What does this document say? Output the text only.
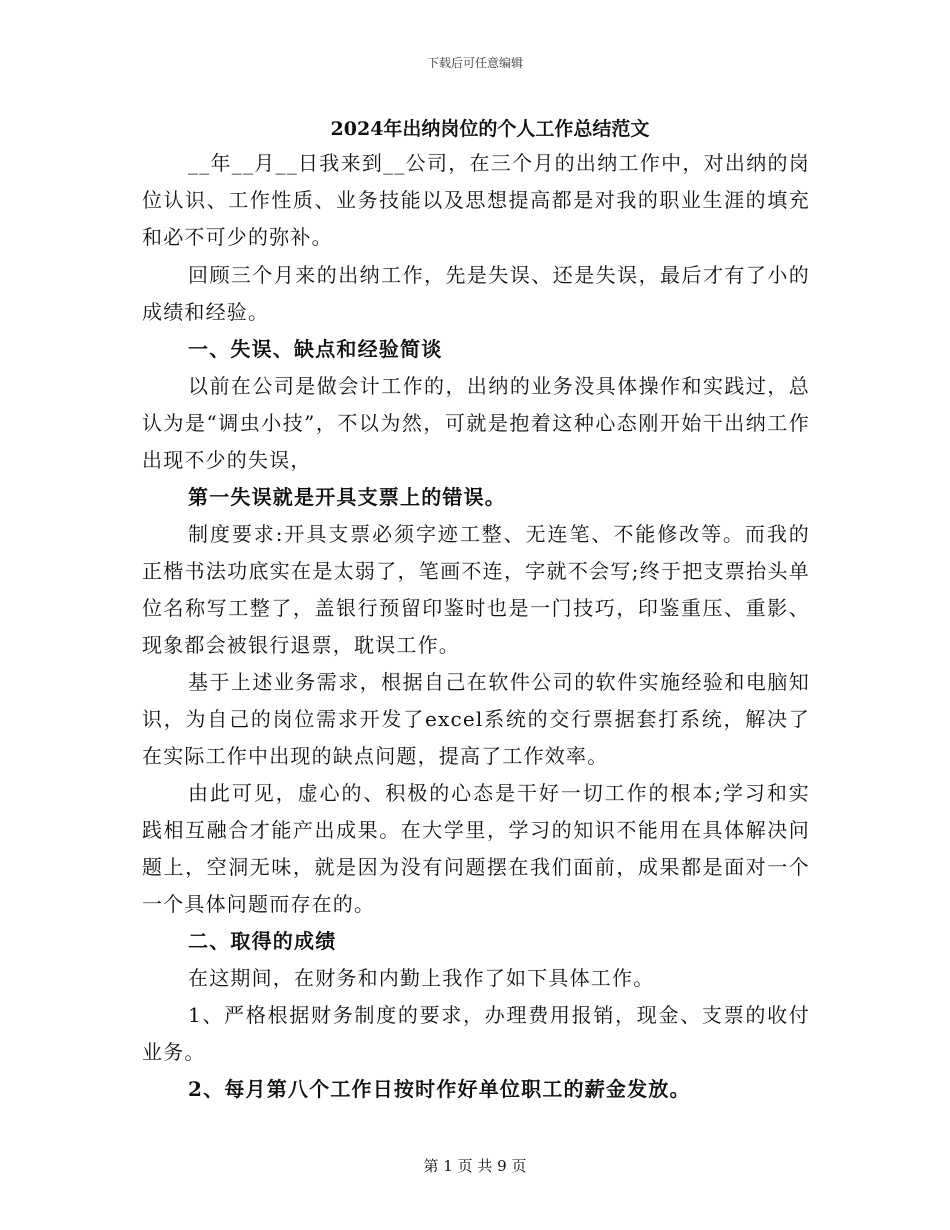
下载后可任意编辑
2024年出纳岗位的个人工作总结范文

__年__月__日我来到__公司，在三个月的出纳工作中，对出纳的岗位认识、工作性质、业务技能以及思想提高都是对我的职业生涯的填充和必不可少的弥补。

回顾三个月来的出纳工作，先是失误、还是失误，最后才有了小的成绩和经验。

一、失误、缺点和经验简谈

以前在公司是做会计工作的，出纳的业务没具体操作和实践过，总认为是“调虫小技”，不以为然，可就是抱着这种心态刚开始干出纳工作出现不少的失误，

第一失误就是开具支票上的错误。

制度要求:开具支票必须字迹工整、无连笔、不能修改等。而我的正楷书法功底实在是太弱了，笔画不连，字就不会写;终于把支票抬头单位名称写工整了，盖银行预留印鉴时也是一门技巧，印鉴重压、重影、现象都会被银行退票，耽误工作。

基于上述业务需求，根据自己在软件公司的软件实施经验和电脑知识，为自己的岗位需求开发了excel系统的交行票据套打系统，解决了在实际工作中出现的缺点问题，提高了工作效率。

由此可见，虚心的、积极的心态是干好一切工作的根本;学习和实践相互融合才能产出成果。在大学里，学习的知识不能用在具体解决问题上，空洞无味，就是因为没有问题摆在我们面前，成果都是面对一个一个具体问题而存在的。

二、取得的成绩

在这期间，在财务和内勤上我作了如下具体工作。

1、严格根据财务制度的要求，办理费用报销，现金、支票的收付业务。

2、每月第八个工作日按时作好单位职工的薪金发放。

第 1 页 共 9 页
